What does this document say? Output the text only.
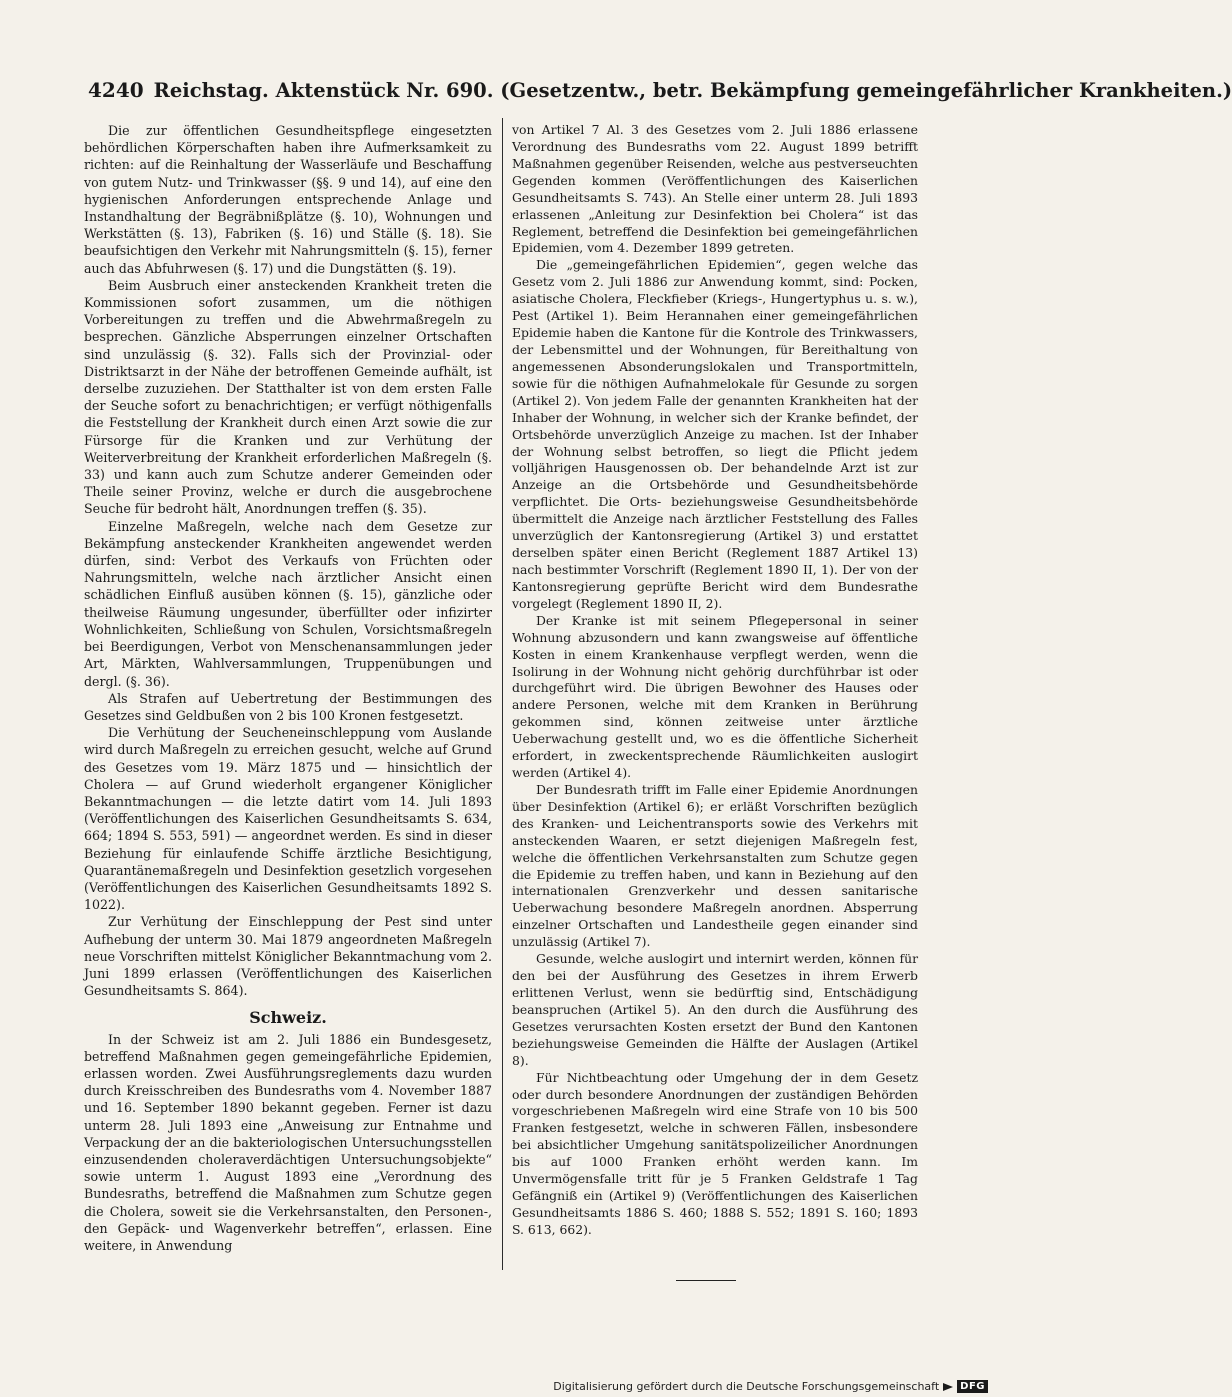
4240 Reichstag. Aktenstück Nr. 690. (Gesetzentw., betr. Bekämpfung gemeingefährlicher Krankheiten.)

Die zur öffentlichen Gesundheitspflege eingesetzten behördlichen Körperschaften haben ihre Aufmerksamkeit zu richten: auf die Reinhaltung der Wasserläufe und Beschaffung von gutem Nutz- und Trinkwasser (§§. 9 und 14), auf eine den hygienischen Anforderungen entsprechende Anlage und Instandhaltung der Begräbnißplätze (§. 10), Wohnungen und Werkstätten (§. 13), Fabriken (§. 16) und Ställe (§. 18). Sie beaufsichtigen den Verkehr mit Nahrungsmitteln (§. 15), ferner auch das Abfuhrwesen (§. 17) und die Dungstätten (§. 19).

Beim Ausbruch einer ansteckenden Krankheit treten die Kommissionen sofort zusammen, um die nöthigen Vorbereitungen zu treffen und die Abwehrmaßregeln zu besprechen. Gänzliche Absperrungen einzelner Ortschaften sind unzulässig (§. 32). Falls sich der Provinzial- oder Distriktsarzt in der Nähe der betroffenen Gemeinde aufhält, ist derselbe zuzuziehen. Der Statthalter ist von dem ersten Falle der Seuche sofort zu benachrichtigen; er verfügt nöthigenfalls die Feststellung der Krankheit durch einen Arzt sowie die zur Fürsorge für die Kranken und zur Verhütung der Weiterverbreitung der Krankheit erforderlichen Maßregeln (§. 33) und kann auch zum Schutze anderer Gemeinden oder Theile seiner Provinz, welche er durch die ausgebrochene Seuche für bedroht hält, Anordnungen treffen (§. 35).

Einzelne Maßregeln, welche nach dem Gesetze zur Bekämpfung ansteckender Krankheiten angewendet werden dürfen, sind: Verbot des Verkaufs von Früchten oder Nahrungsmitteln, welche nach ärztlicher Ansicht einen schädlichen Einfluß ausüben können (§. 15), gänzliche oder theilweise Räumung ungesunder, überfüllter oder infizirter Wohnlichkeiten, Schließung von Schulen, Vorsichtsmaßregeln bei Beerdigungen, Verbot von Menschenansammlungen jeder Art, Märkten, Wahlversammlungen, Truppenübungen und dergl. (§. 36).

Als Strafen auf Uebertretung der Bestimmungen des Gesetzes sind Geldbußen von 2 bis 100 Kronen festgesetzt.

Die Verhütung der Seucheneinschleppung vom Auslande wird durch Maßregeln zu erreichen gesucht, welche auf Grund des Gesetzes vom 19. März 1875 und — hinsichtlich der Cholera — auf Grund wiederholt ergangener Königlicher Bekanntmachungen — die letzte datirt vom 14. Juli 1893 (Veröffentlichungen des Kaiserlichen Gesundheitsamts S. 634, 664; 1894 S. 553, 591) — angeordnet werden. Es sind in dieser Beziehung für einlaufende Schiffe ärztliche Besichtigung, Quarantänemaßregeln und Desinfektion gesetzlich vorgesehen (Veröffentlichungen des Kaiserlichen Gesundheitsamts 1892 S. 1022).

Zur Verhütung der Einschleppung der Pest sind unter Aufhebung der unterm 30. Mai 1879 angeordneten Maßregeln neue Vorschriften mittelst Königlicher Bekanntmachung vom 2. Juni 1899 erlassen (Veröffentlichungen des Kaiserlichen Gesundheitsamts S. 864).

Schweiz.

In der Schweiz ist am 2. Juli 1886 ein Bundesgesetz, betreffend Maßnahmen gegen gemeingefährliche Epidemien, erlassen worden. Zwei Ausführungsreglements dazu wurden durch Kreisschreiben des Bundesraths vom 4. November 1887 und 16. September 1890 bekannt gegeben. Ferner ist dazu unterm 28. Juli 1893 eine „Anweisung zur Entnahme und Verpackung der an die bakteriologischen Untersuchungsstellen einzusendenden choleraverdächtigen Untersuchungsobjekte“ sowie unterm 1. August 1893 eine „Verordnung des Bundesraths, betreffend die Maßnahmen zum Schutze gegen die Cholera, soweit sie die Verkehrsanstalten, den Personen-, den Gepäck- und Wagenverkehr betreffen“, erlassen. Eine weitere, in Anwendung

von Artikel 7 Al. 3 des Gesetzes vom 2. Juli 1886 erlassene Verordnung des Bundesraths vom 22. August 1899 betrifft Maßnahmen gegenüber Reisenden, welche aus pestverseuchten Gegenden kommen (Veröffentlichungen des Kaiserlichen Gesundheitsamts S. 743). An Stelle einer unterm 28. Juli 1893 erlassenen „Anleitung zur Desinfektion bei Cholera“ ist das Reglement, betreffend die Desinfektion bei gemeingefährlichen Epidemien, vom 4. Dezember 1899 getreten.

Die „gemeingefährlichen Epidemien“, gegen welche das Gesetz vom 2. Juli 1886 zur Anwendung kommt, sind: Pocken, asiatische Cholera, Fleckfieber (Kriegs-, Hungertyphus u. s. w.), Pest (Artikel 1). Beim Herannahen einer gemeingefährlichen Epidemie haben die Kantone für die Kontrole des Trinkwassers, der Lebensmittel und der Wohnungen, für Bereithaltung von angemessenen Absonderungslokalen und Transportmitteln, sowie für die nöthigen Aufnahmelokale für Gesunde zu sorgen (Artikel 2). Von jedem Falle der genannten Krankheiten hat der Inhaber der Wohnung, in welcher sich der Kranke befindet, der Ortsbehörde unverzüglich Anzeige zu machen. Ist der Inhaber der Wohnung selbst betroffen, so liegt die Pflicht jedem volljährigen Hausgenossen ob. Der behandelnde Arzt ist zur Anzeige an die Ortsbehörde und Gesundheitsbehörde verpflichtet. Die Orts- beziehungsweise Gesundheitsbehörde übermittelt die Anzeige nach ärztlicher Feststellung des Falles unverzüglich der Kantonsregierung (Artikel 3) und erstattet derselben später einen Bericht (Reglement 1887 Artikel 13) nach bestimmter Vorschrift (Reglement 1890 II, 1). Der von der Kantonsregierung geprüfte Bericht wird dem Bundesrathe vorgelegt (Reglement 1890 II, 2).

Der Kranke ist mit seinem Pflegepersonal in seiner Wohnung abzusondern und kann zwangsweise auf öffentliche Kosten in einem Krankenhause verpflegt werden, wenn die Isolirung in der Wohnung nicht gehörig durchführbar ist oder durchgeführt wird. Die übrigen Bewohner des Hauses oder andere Personen, welche mit dem Kranken in Berührung gekommen sind, können zeitweise unter ärztliche Ueberwachung gestellt und, wo es die öffentliche Sicherheit erfordert, in zweckentsprechende Räumlichkeiten auslogirt werden (Artikel 4).

Der Bundesrath trifft im Falle einer Epidemie Anordnungen über Desinfektion (Artikel 6); er erläßt Vorschriften bezüglich des Kranken- und Leichentransports sowie des Verkehrs mit ansteckenden Waaren, er setzt diejenigen Maßregeln fest, welche die öffentlichen Verkehrsanstalten zum Schutze gegen die Epidemie zu treffen haben, und kann in Beziehung auf den internationalen Grenzverkehr und dessen sanitarische Ueberwachung besondere Maßregeln anordnen. Absperrung einzelner Ortschaften und Landestheile gegen einander sind unzulässig (Artikel 7).

Gesunde, welche auslogirt und internirt werden, können für den bei der Ausführung des Gesetzes in ihrem Erwerb erlittenen Verlust, wenn sie bedürftig sind, Entschädigung beanspruchen (Artikel 5). An den durch die Ausführung des Gesetzes verursachten Kosten ersetzt der Bund den Kantonen beziehungsweise Gemeinden die Hälfte der Auslagen (Artikel 8).

Für Nichtbeachtung oder Umgehung der in dem Gesetz oder durch besondere Anordnungen der zuständigen Behörden vorgeschriebenen Maßregeln wird eine Strafe von 10 bis 500 Franken festgesetzt, welche in schweren Fällen, insbesondere bei absichtlicher Umgehung sanitätspolizeilicher Anordnungen bis auf 1000 Franken erhöht werden kann. Im Unvermögensfalle tritt für je 5 Franken Geldstrafe 1 Tag Gefängniß ein (Artikel 9) (Veröffentlichungen des Kaiserlichen Gesundheitsamts 1886 S. 460; 1888 S. 552; 1891 S. 160; 1893 S. 613, 662).

Digitalisierung gefördert durch die Deutsche Forschungsgemeinschaft	DFG
